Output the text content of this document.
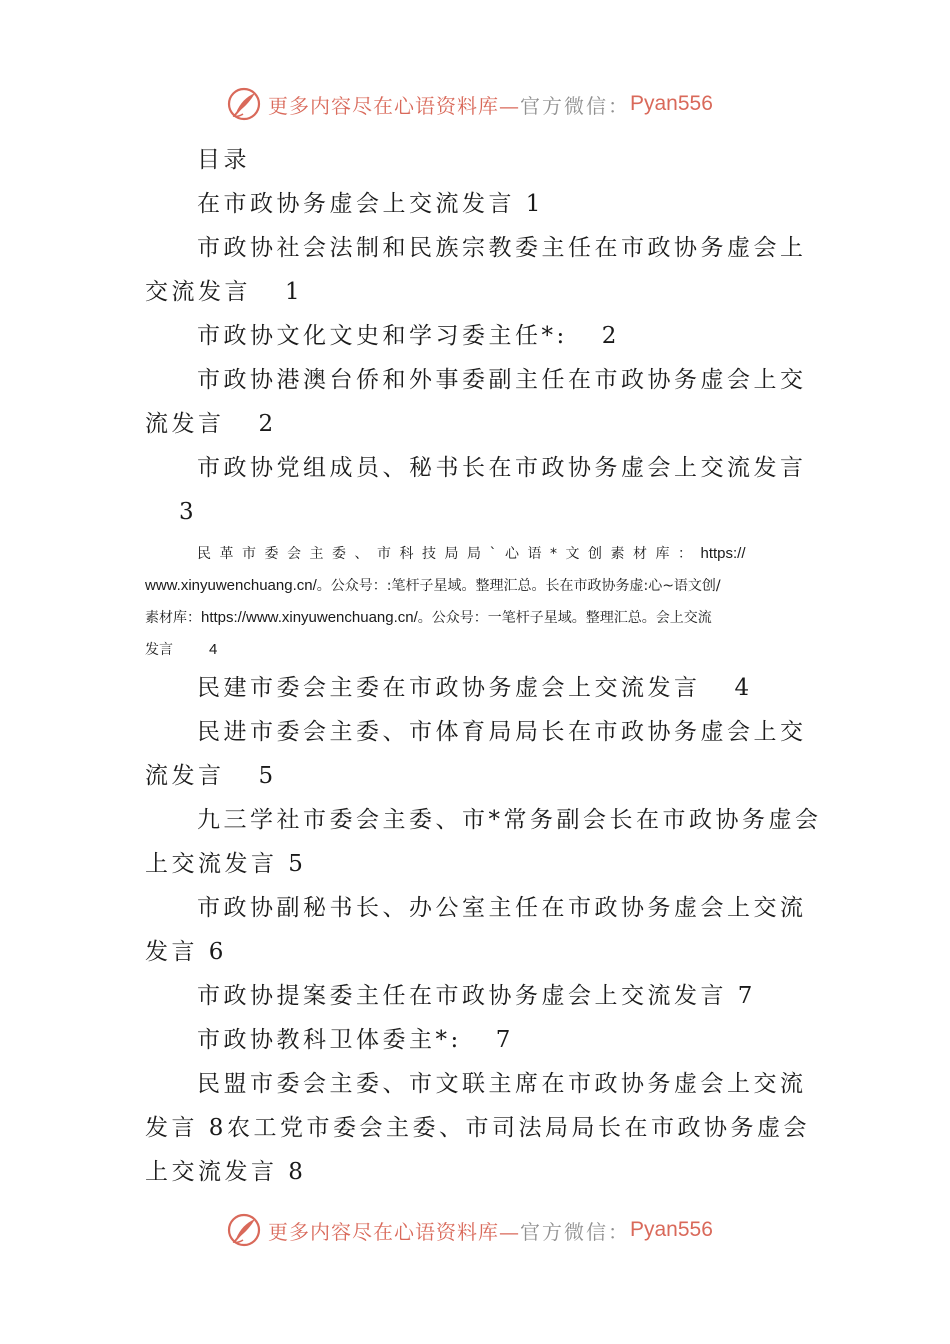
更多内容尽在心语资料库— 官方微信： Pyan556

目录

在市政协务虚会上交流发言 1

市政协社会法制和民族宗教委主任在市政协务虚会上

交流发言 1

市政协文化文史和学习委主任*: 2

市政协港澳台侨和外事委副主任在市政协务虚会上交

流发言 2

市政协党组成员、秘书长在市政协务虚会上交流发言

3

民革市委会主委、市科技局局`心语*文创素材库：https://

www.xinyuwenchuang.cn/。公众号：:笔杆子星域。整理汇总。长在市政协务虚:心~语文创/

素材库：https://www.xinyuwenchuang.cn/。公众号：一笔杆子星域。整理汇总。会上交流

发言 4

民建市委会主委在市政协务虚会上交流发言 4

民进市委会主委、市体育局局长在市政协务虚会上交

流发言 5

九三学社市委会主委、市*常务副会长在市政协务虚会

上交流发言 5

市政协副秘书长、办公室主任在市政协务虚会上交流

发言 6

市政协提案委主任在市政协务虚会上交流发言 7

市政协教科卫体委主*: 7

民盟市委会主委、市文联主席在市政协务虚会上交流

发言 8农工党市委会主委、市司法局局长在市政协务虚会

上交流发言 8

更多内容尽在心语资料库— 官方微信： Pyan556
